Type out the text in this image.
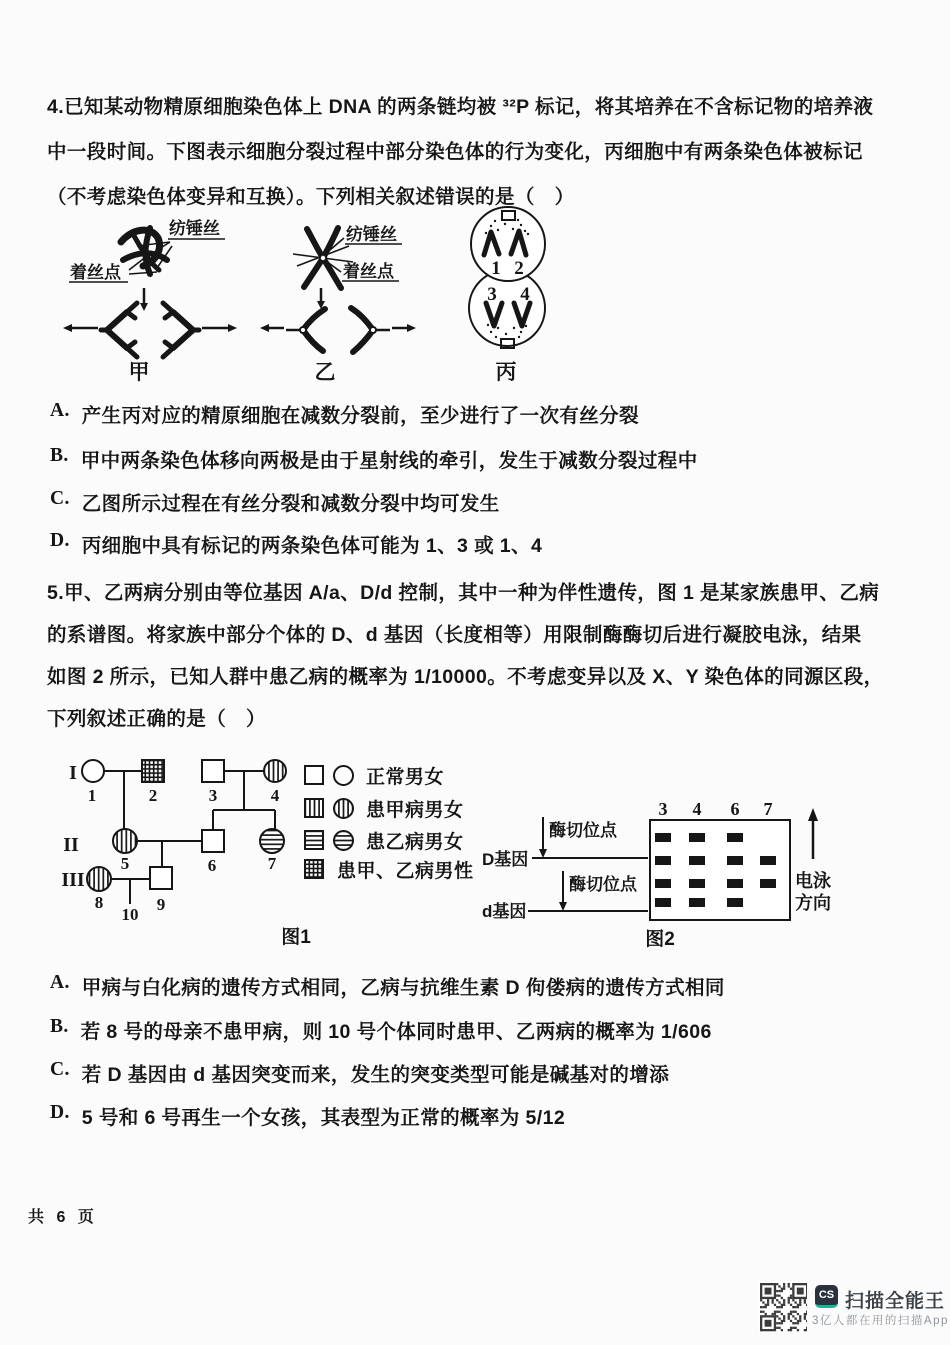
4.已知某动物精原细胞染色体上 DNA 的两条链均被 ³²P 标记，将其培养在不含标记物的培养液
中一段时间。下图表示细胞分裂过程中部分染色体的行为变化，丙细胞中有两条染色体被标记
（不考虑染色体变异和互换）。下列相关叙述错误的是（　）
纺锤丝
着丝点
甲
纺锤丝
着丝点
乙
1 2
3 4
丙
A. 产生丙对应的精原细胞在减数分裂前，至少进行了一次有丝分裂
B. 甲中两条染色体移向两极是由于星射线的牵引，发生于减数分裂过程中
C. 乙图所示过程在有丝分裂和减数分裂中均可发生
D. 丙细胞中具有标记的两条染色体可能为 1、3 或 1、4
5.甲、乙两病分别由等位基因 A/a、D/d 控制，其中一种为伴性遗传，图 1 是某家族患甲、乙病
的系谱图。将家族中部分个体的 D、d 基因（长度相等）用限制酶酶切后进行凝胶电泳，结果
如图 2 所示，已知人群中患乙病的概率为 1/10000。不考虑变异以及 X、Y 染色体的同源区段，
下列叙述正确的是（　）
I
II
III
1	2	3	4
5	6	7
8	9
10
图1
正常男女
患甲病男女
患乙病男女
患甲、乙病男性
酶切位点
D基因
酶切位点
d基因
3 4 6 7
电泳
方向
图2
A. 甲病与白化病的遗传方式相同，乙病与抗维生素 D 佝偻病的遗传方式相同
B. 若 8 号的母亲不患甲病，则 10 号个体同时患甲、乙两病的概率为 1/606
C. 若 D 基因由 d 基因突变而来，发生的突变类型可能是碱基对的增添
D. 5 号和 6 号再生一个女孩，其表型为正常的概率为 5/12
共 6 页
CS 扫描全能王
3亿人都在用的扫描App
